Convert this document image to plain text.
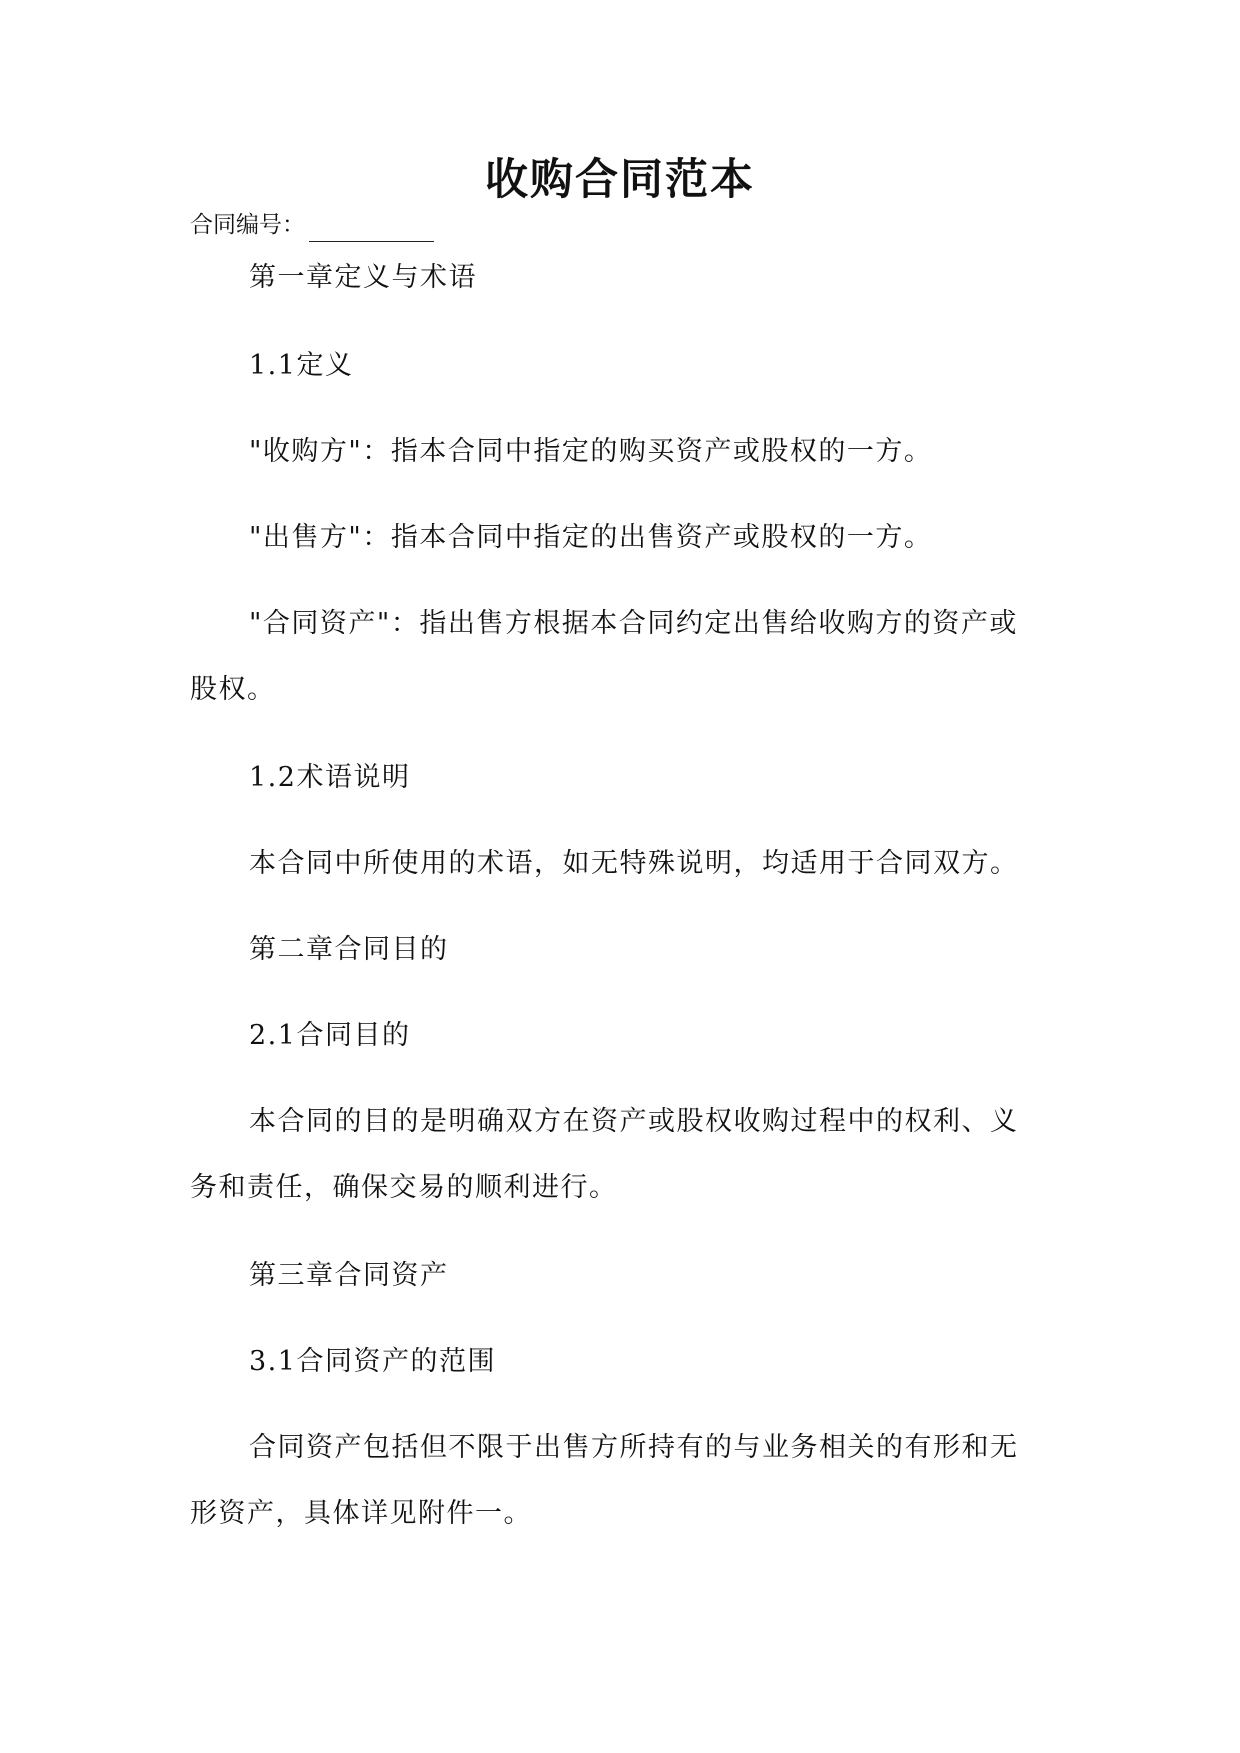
收购合同范本
合同编号：
第一章定义与术语
1.1定义
"收购方"：指本合同中指定的购买资产或股权的一方。
"出售方"：指本合同中指定的出售资产或股权的一方。
"合同资产"：指出售方根据本合同约定出售给收购方的资产或
股权。
1.2术语说明
本合同中所使用的术语，如无特殊说明，均适用于合同双方。
第二章合同目的
2.1合同目的
本合同的目的是明确双方在资产或股权收购过程中的权利、义
务和责任，确保交易的顺利进行。
第三章合同资产
3.1合同资产的范围
合同资产包括但不限于出售方所持有的与业务相关的有形和无
形资产，具体详见附件一。
